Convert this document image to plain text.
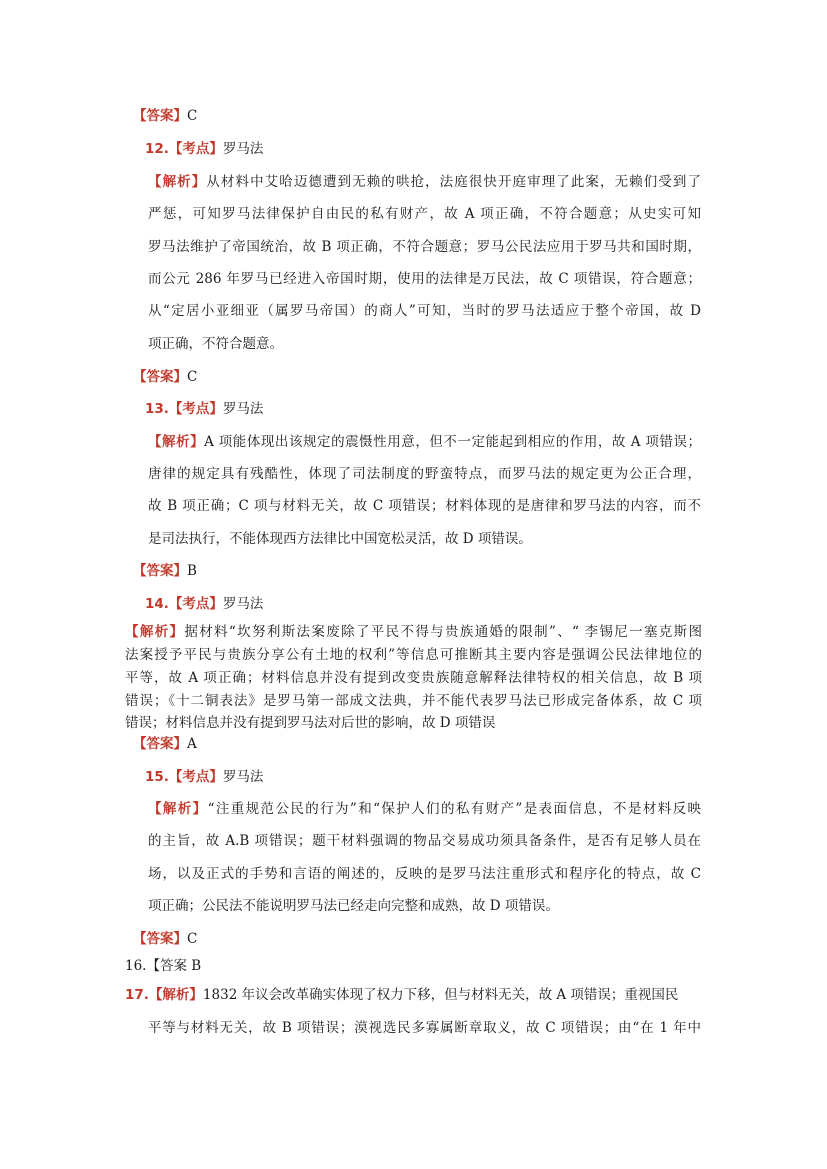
【答案】C
12.【考点】罗马法
【解析】从材料中艾哈迈德遭到无赖的哄抢，法庭很快开庭审理了此案，无赖们受到了
严惩，可知罗马法律保护自由民的私有财产，故 A 项正确，不符合题意；从史实可知
罗马法维护了帝国统治，故 B 项正确，不符合题意；罗马公民法应用于罗马共和国时期，
而公元 286 年罗马已经进入帝国时期，使用的法律是万民法，故 C 项错误，符合题意；
从“定居小亚细亚（属罗马帝国）的商人”可知，当时的罗马法适应于整个帝国，故 D
项正确，不符合题意。
【答案】C
13.【考点】罗马法
【解析】A 项能体现出该规定的震慑性用意，但不一定能起到相应的作用，故 A 项错误；
唐律的规定具有残酷性，体现了司法制度的野蛮特点，而罗马法的规定更为公正合理，
故 B 项正确；C 项与材料无关，故 C 项错误；材料体现的是唐律和罗马法的内容，而不
是司法执行，不能体现西方法律比中国宽松灵活，故 D 项错误。
【答案】B
14.【考点】罗马法
【解析】据材料“坎努利斯法案废除了平民不得与贵族通婚的限制”、“ 李锡尼一塞克斯图
法案授予平民与贵族分享公有土地的权利”等信息可推断其主要内容是强调公民法律地位的
平等，故 A 项正确；材料信息并没有提到改变贵族随意解释法律特权的相关信息，故 B 项
错误；《十二铜表法》是罗马第一部成文法典，并不能代表罗马法已形成完备体系，故 C 项
错误；材料信息并没有提到罗马法对后世的影响，故 D 项错误
【答案】A
15.【考点】罗马法
【解析】“注重规范公民的行为”和“保护人们的私有财产”是表面信息，不是材料反映
的主旨，故 A.B 项错误；题干材料强调的物品交易成功须具备条件，是否有足够人员在
场，以及正式的手势和言语的阐述的，反映的是罗马法注重形式和程序化的特点，故 C
项正确；公民法不能说明罗马法已经走向完整和成熟，故 D 项错误。
【答案】C
16.【答案 B
17.【解析】1832 年议会改革确实体现了权力下移，但与材料无关，故 A 项错误；重视国民
平等与材料无关，故 B 项错误；漠视选民多寡属断章取义，故 C 项错误；由“在 1 年中
